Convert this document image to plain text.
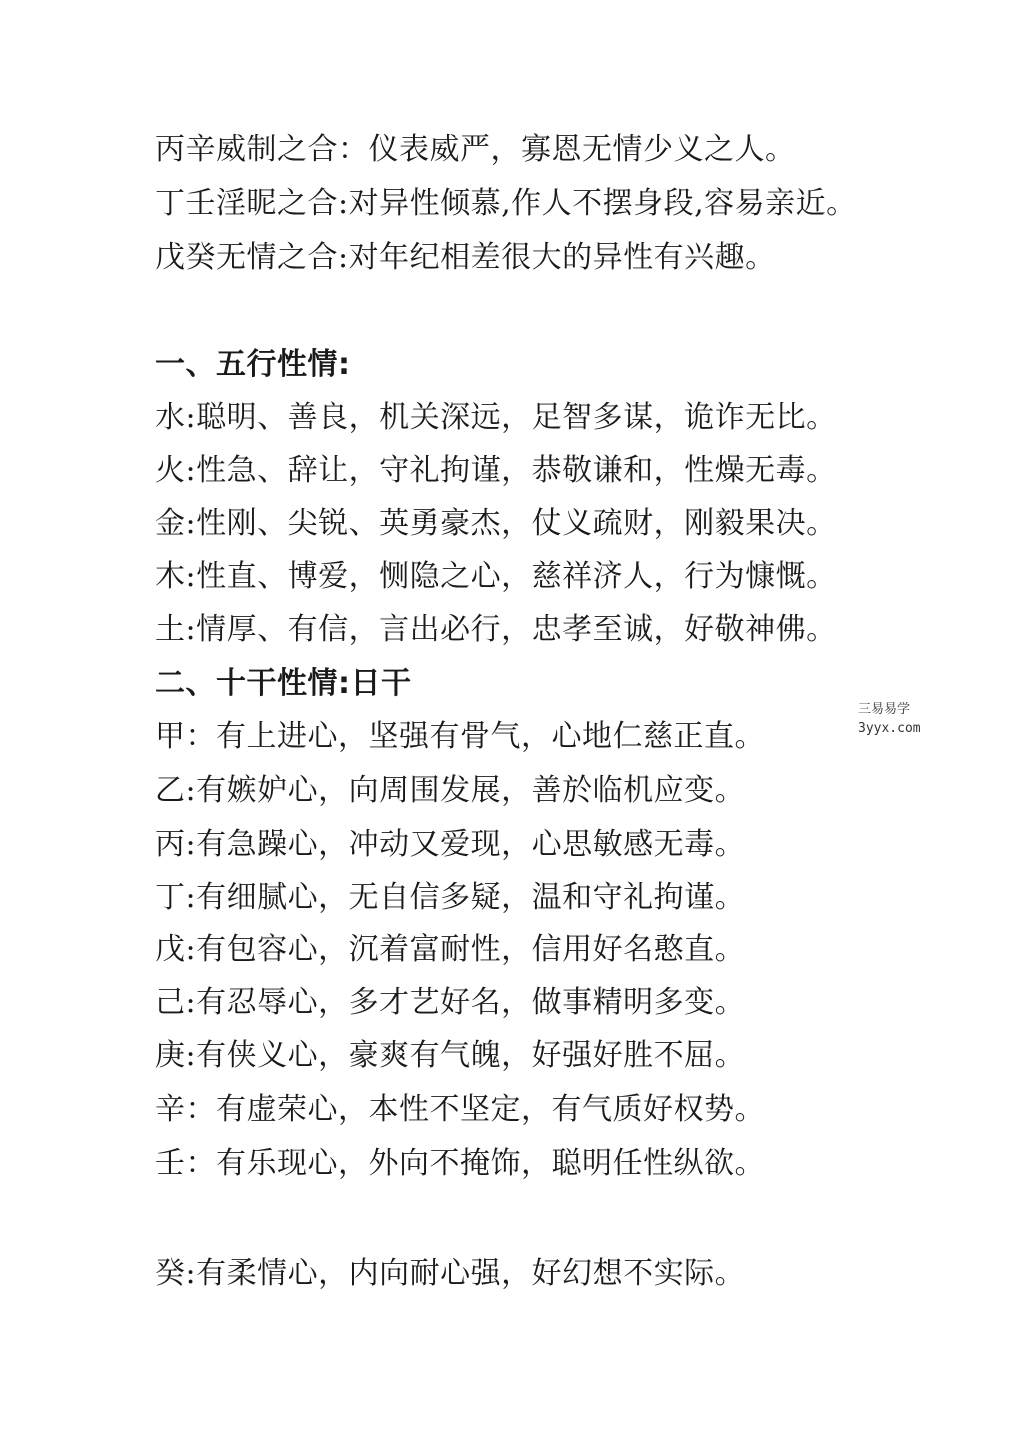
丙辛威制之合：仪表威严，寡恩无情少义之人。
丁壬淫昵之合:对异性倾慕,作人不摆身段,容易亲近。
戊癸无情之合:对年纪相差很大的异性有兴趣。
一、五行性情:
水:聪明、善良，机关深远，足智多谋，诡诈无比。
火:性急、辞让，守礼拘谨，恭敬谦和，性燥无毒。
金:性刚、尖锐、英勇豪杰，仗义疏财，刚毅果决。
木:性直、博爱，恻隐之心，慈祥济人，行为慷慨。
土:情厚、有信，言出必行，忠孝至诚，好敬神佛。
二、十干性情:日干
甲：有上进心，坚强有骨气，心地仁慈正直。
乙:有嫉妒心，向周围发展，善於临机应变。
丙:有急躁心，冲动又爱现，心思敏感无毒。
丁:有细腻心，无自信多疑，温和守礼拘谨。
戊:有包容心，沉着富耐性，信用好名憨直。
己:有忍辱心，多才艺好名，做事精明多变。
庚:有侠义心，豪爽有气魄，好强好胜不屈。
辛：有虚荣心，本性不坚定，有气质好权势。
壬：有乐现心，外向不掩饰，聪明任性纵欲。
癸:有柔情心，内向耐心强，好幻想不实际。
三易易学
3yyx.com
